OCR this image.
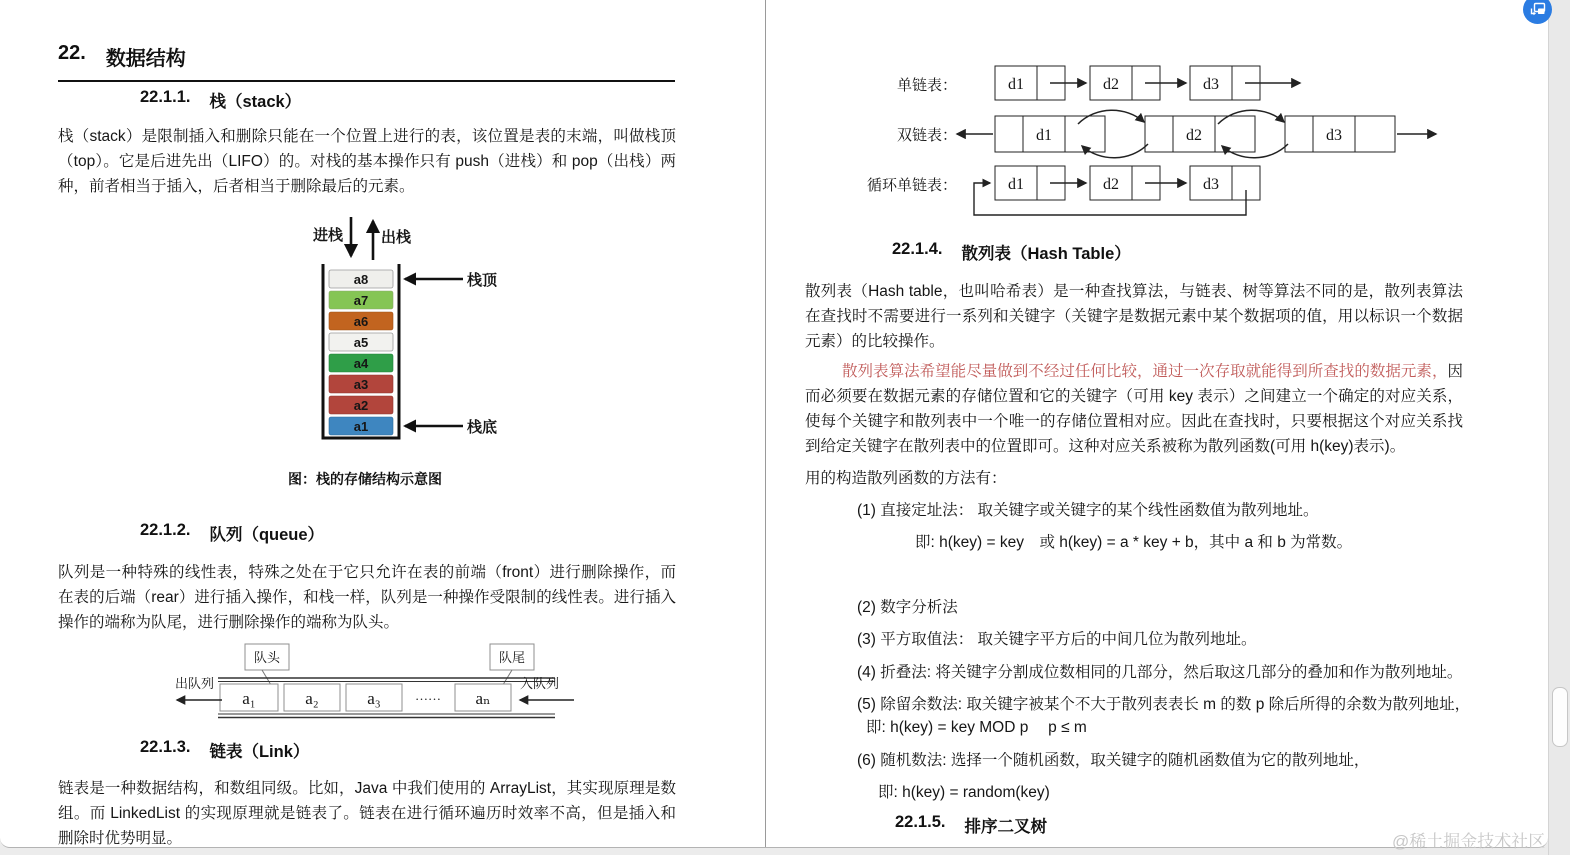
22. 数据结构
22.1.1. 栈（stack）
栈（stack）是限制插入和删除只能在一个位置上进行的表，该位置是表的末端，叫做栈顶（top）。它是后进先出（LIFO）的。对栈的基本操作只有 push（进栈）和 pop（出栈）两种，前者相当于插入，后者相当于删除最后的元素。
进栈	出栈
a8
a7
a6
a5
a4
a3
a2
a1
栈顶
栈底
图：栈的存储结构示意图
22.1.2. 队列（queue）
队列是一种特殊的线性表，特殊之处在于它只允许在表的前端（front）进行删除操作，而在表的后端（rear）进行插入操作，和栈一样，队列是一种操作受限制的线性表。进行插入操作的端称为队尾，进行删除操作的端称为队头。
队头	队尾
a₁	a₂	a₃	…… aₙ
出队列	入队列
22.1.3. 链表（Link）
链表是一种数据结构，和数组同级。比如，Java 中我们使用的 ArrayList，其实现原理是数组。而 LinkedList 的实现原理就是链表了。链表在进行循环遍历时效率不高，但是插入和删除时优势明显。
单链表：
双链表：
循环单链表：
d1	d2	d3
d1	d2	d3
d1	d2	d3
22.1.4. 散列表（Hash Table）
散列表（Hash table，也叫哈希表）是一种查找算法，与链表、树等算法不同的是，散列表算法在查找时不需要进行一系列和关键字（关键字是数据元素中某个数据项的值，用以标识一个数据元素）的比较操作。
散列表算法希望能尽量做到不经过任何比较，通过一次存取就能得到所查找的数据元素，因而必须要在数据元素的存储位置和它的关键字（可用 key 表示）之间建立一个确定的对应关系，使每个关键字和散列表中一个唯一的存储位置相对应。因此在查找时，只要根据这个对应关系找到给定关键字在散列表中的位置即可。这种对应关系被称为散列函数(可用 h(key)表示)。
用的构造散列函数的方法有：
(1) 直接定址法： 取关键字或关键字的某个线性函数值为散列地址。
即: h(key) = key　或 h(key) = a * key + b，其中 a 和 b 为常数。
(2) 数字分析法
(3) 平方取值法： 取关键字平方后的中间几位为散列地址。
(4) 折叠法: 将关键字分割成位数相同的几部分，然后取这几部分的叠加和作为散列地址。
(5) 除留余数法: 取关键字被某个不大于散列表表长 m 的数 p 除后所得的余数为散列地址，
即: h(key) = key MOD p　 p ≤ m
(6) 随机数法: 选择一个随机函数，取关键字的随机函数值为它的散列地址，
即: h(key) = random(key)
22.1.5. 排序二叉树
@稀土掘金技术社区
